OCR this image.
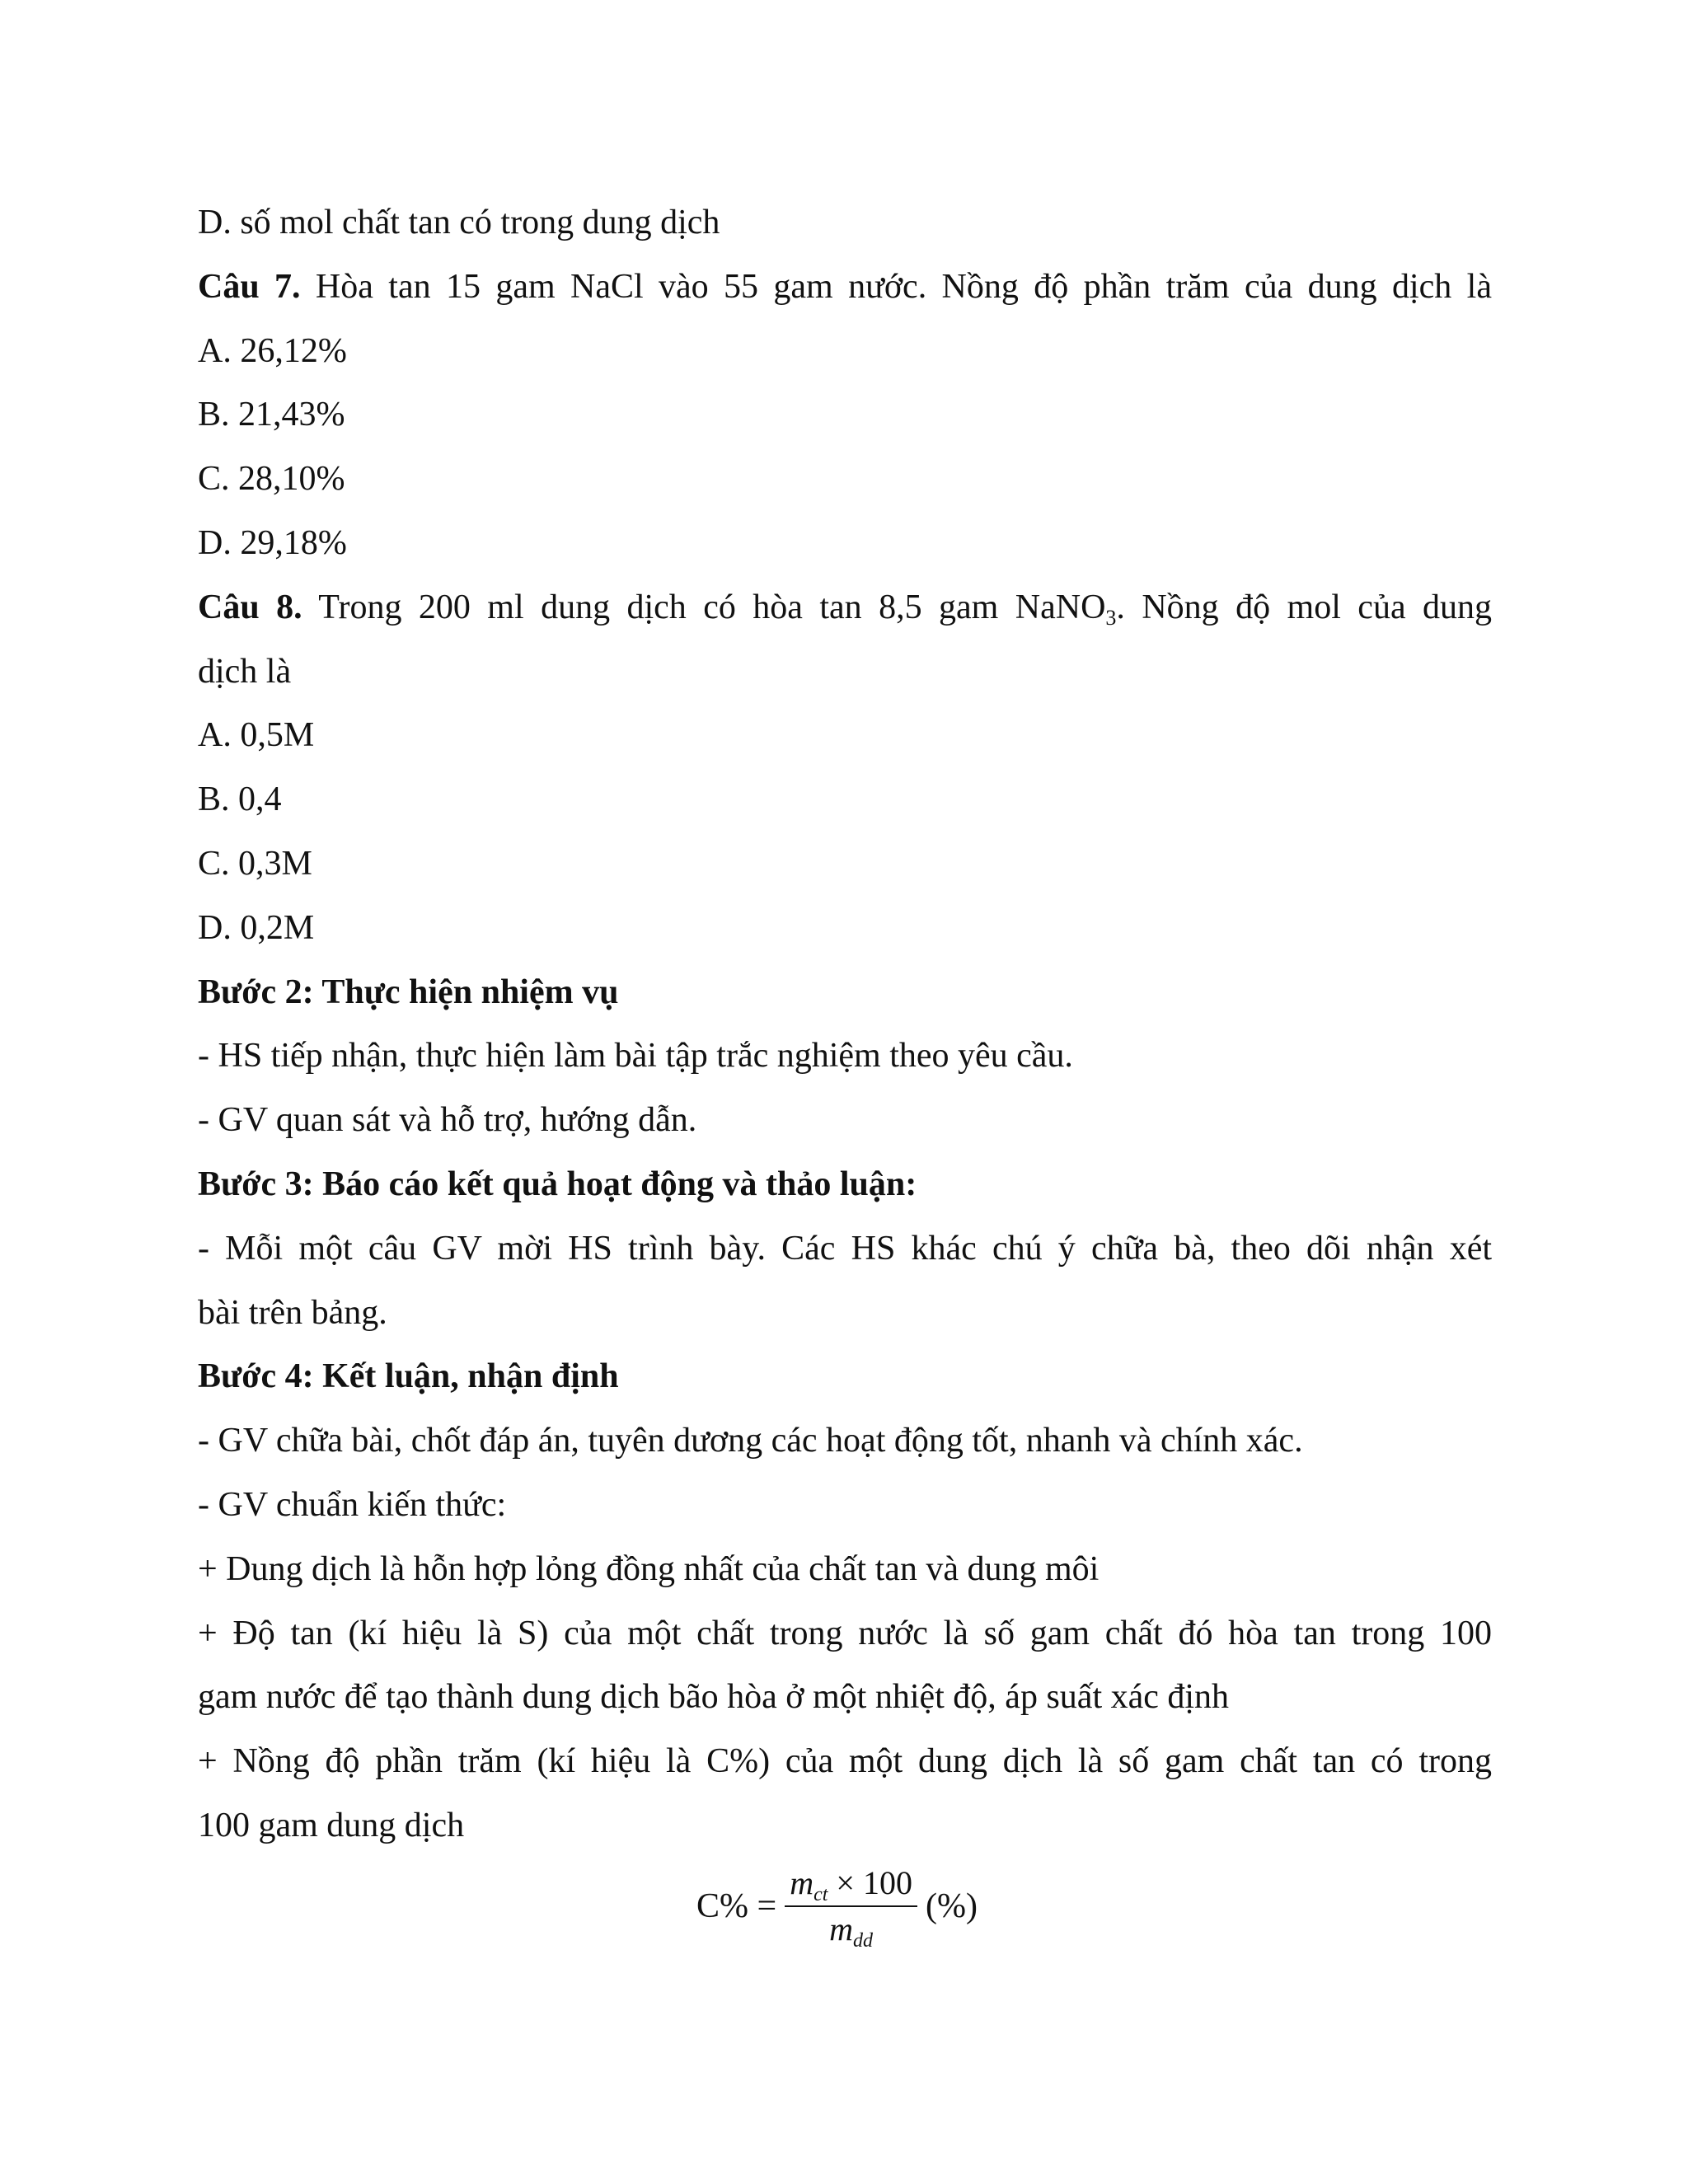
D. số mol chất tan có trong dung dịch
Câu 7. Hòa tan 15 gam NaCl vào 55 gam nước. Nồng độ phần trăm của dung dịch là
A. 26,12%
B. 21,43%
C. 28,10%
D. 29,18%
Câu 8. Trong 200 ml dung dịch có hòa tan 8,5 gam NaNO$_3$. Nồng độ mol của dung
dịch là
A. 0,5M
B. 0,4
C. 0,3M
D. 0,2M
Bước 2: Thực hiện nhiệm vụ
- HS tiếp nhận, thực hiện làm bài tập trắc nghiệm theo yêu cầu.
- GV quan sát và hỗ trợ, hướng dẫn.
Bước 3: Báo cáo kết quả hoạt động và thảo luận:
- Mỗi một câu GV mời HS trình bày. Các HS khác chú ý chữa bà, theo dõi nhận xét
bài trên bảng.
Bước 4: Kết luận, nhận định
- GV chữa bài, chốt đáp án, tuyên dương các hoạt động tốt, nhanh và chính xác.
- GV chuẩn kiến thức:
+ Dung dịch là hỗn hợp lỏng đồng nhất của chất tan và dung môi
+ Độ tan (kí hiệu là S) của một chất trong nước là số gam chất đó hòa tan trong 100
gam nước để tạo thành dung dịch bão hòa ở một nhiệt độ, áp suất xác định
+ Nồng độ phần trăm (kí hiệu là C%) của một dung dịch là số gam chất tan có trong
100 gam dung dịch
$C\% = \frac{m_{ct} \times 100}{m_{dd}}$ (%)
